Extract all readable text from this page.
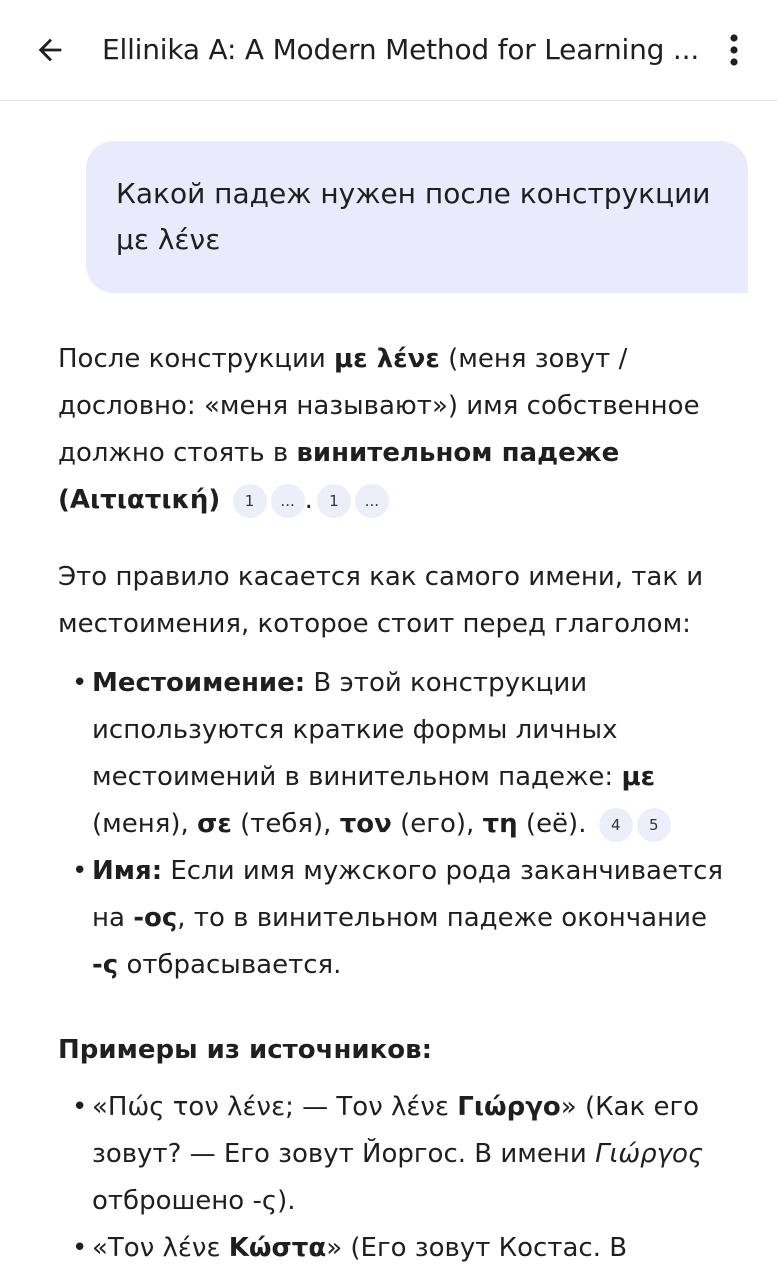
Ellinika A: A Modern Method for Learning ...
Какой падеж нужен после конструкции με λένε

После конструкции με λένε (меня зовут / дословно: «меня называют») имя собственное должно стоять в винительном падеже (Αιτιατική) 1 ... . 1 ...

Это правило касается как самого имени, так и местоимения, которое стоит перед глаголом:

• Местоимение: В этой конструкции используются краткие формы личных местоимений в винительном падеже: με (меня), σε (тебя), τον (его), τη (её). 4 5
• Имя: Если имя мужского рода заканчивается на -ος, то в винительном падеже окончание -ς отбрасывается.

Примеры из источников:

• «Πώς τον λένε; — Τον λένε Γιώργο» (Как его зовут? — Его зовут Йоргос. В имени Γιώργος отброшено -ς).
• «Τον λένε Κώστα» (Его зовут Костас. В
